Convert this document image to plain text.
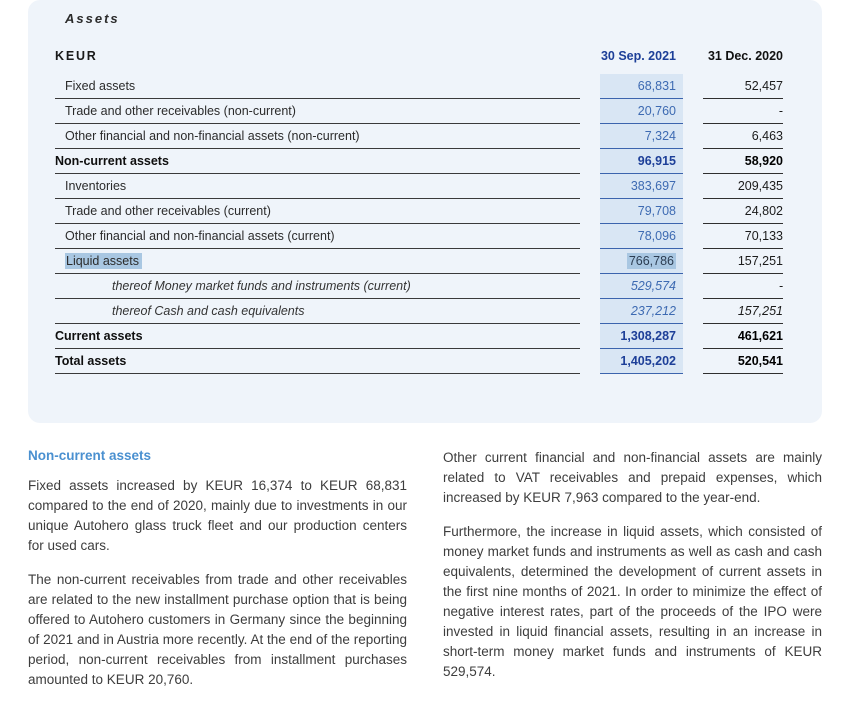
Assets
KEUR	30 Sep. 2021	31 Dec. 2020
Fixed assets	68,831	52,457
Trade and other receivables (non-current)	20,760	-
Other financial and non-financial assets (non-current)	7,324	6,463
Non-current assets	96,915	58,920
Inventories	383,697	209,435
Trade and other receivables (current)	79,708	24,802
Other financial and non-financial assets (current)	78,096	70,133
Liquid assets	766,786	157,251
thereof Money market funds and instruments (current)	529,574	-
thereof Cash and cash equivalents	237,212	157,251
Current assets	1,308,287	461,621
Total assets	1,405,202	520,541
Non-current assets

Fixed assets increased by KEUR 16,374 to KEUR 68,831 compared to the end of 2020, mainly due to investments in our unique Autohero glass truck fleet and our production centers for used cars.

The non-current receivables from trade and other receivables are related to the new installment purchase option that is being offered to Autohero customers in Germany since the beginning of 2021 and in Austria more recently. At the end of the reporting period, non-current receivables from installment purchases amounted to KEUR 20,760.

Other current financial and non-financial assets are mainly related to VAT receivables and prepaid expenses, which increased by KEUR 7,963 compared to the year-end.

Furthermore, the increase in liquid assets, which consisted of money market funds and instruments as well as cash and cash equivalents, determined the development of current assets in the first nine months of 2021. In order to minimize the effect of negative interest rates, part of the proceeds of the IPO were invested in liquid financial assets, resulting in an increase in short-term money market funds and instruments of KEUR 529,574.
